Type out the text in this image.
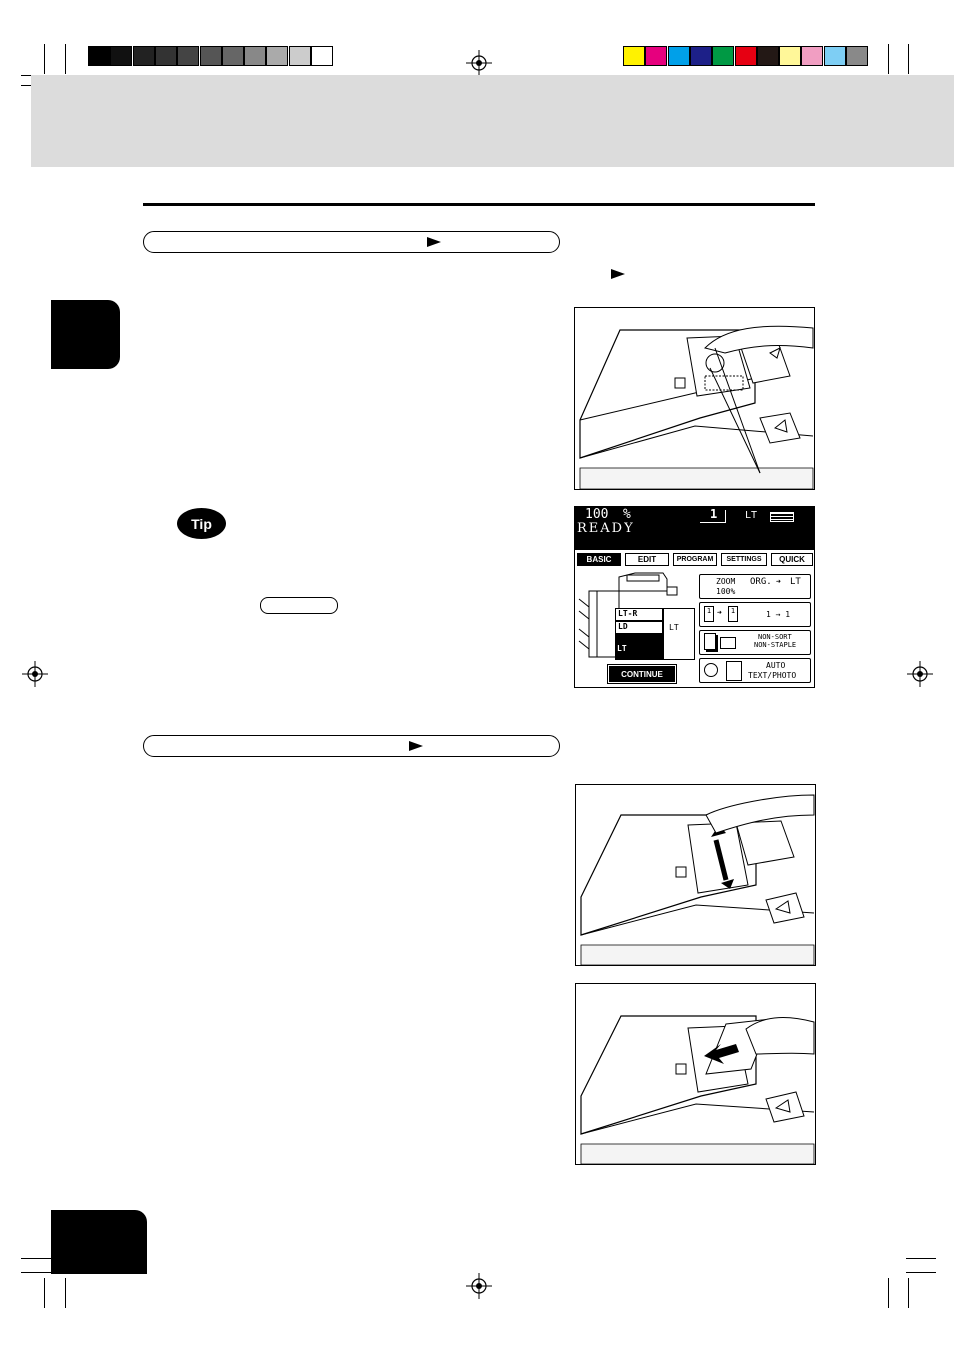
Tip
100 %	1	LT
READY
BASIC	EDIT	PROGRAM	SETTINGS	QUICK
LT-R
LD
LT
LT
CONTINUE
ZOOM ORG. ➜ LT
100%
1 ➜	1	1 → 1
NON-SORT
NON-STAPLE
AUTO
TEXT/PHOTO
